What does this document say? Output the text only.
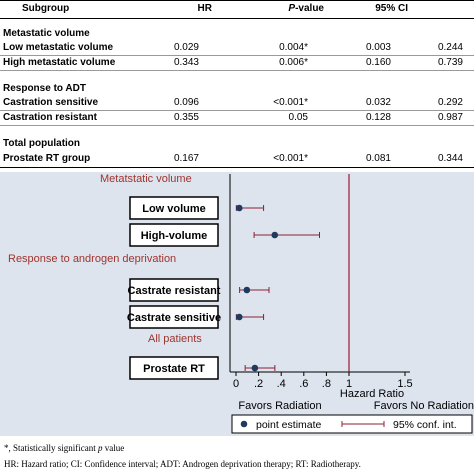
Subgroup	HR	P-value	95% CI
Metastatic volume
Low metastatic volume	0.029	0.004*	0.003	0.244
High metastatic volume	0.343	0.006*	0.160	0.739
Response to ADT
Castration sensitive	0.096	<0.001*	0.032	0.292
Castration resistant	0.355	0.05	0.128	0.987
Total population
Prostate RT group	0.167	<0.001*	0.081	0.344
Metatstatic volume
Low volume
High-volume
Response to androgen deprivation
Castrate resistant
Castrate sensitive
All patients
Prostate RT
0 .2 .4 .6 .8 1	1.5
Hazard Ratio
Favors Radiation	Favors No Radiation
point estimate	95% conf. int.
*, Statistically significant p value
HR: Hazard ratio; CI: Confidence interval; ADT: Androgen deprivation therapy; RT: Radiotherapy.
